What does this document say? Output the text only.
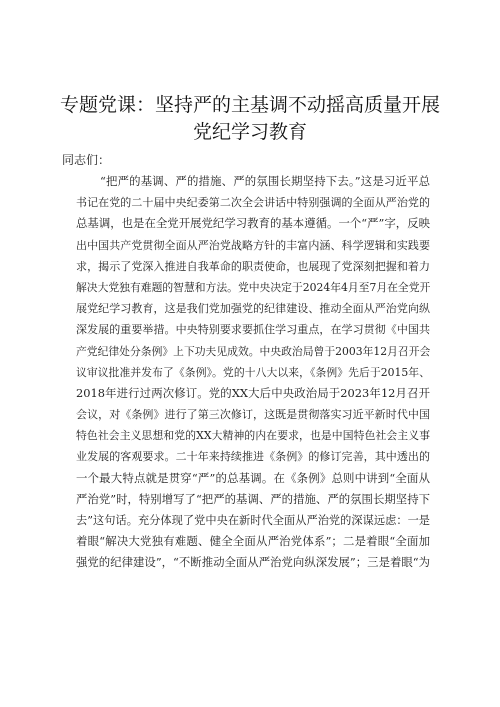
专题党课：坚持严的主基调不动摇高质量开展
党纪学习教育
同志们：
“把严的基调、严的措施、严的氛围长期坚持下去。”这是习近平总
书记在党的二十届中央纪委第二次全会讲话中特别强调的全面从严治党的
总基调，也是在全党开展党纪学习教育的基本遵循。一个“严”字，反映
出中国共产党贯彻全面从严治党战略方针的丰富内涵、科学逻辑和实践要
求，揭示了党深入推进自我革命的职责使命，也展现了党深刻把握和着力
解决大党独有难题的智慧和方法。党中央决定于2024年4月至7月在全党开
展党纪学习教育，这是我们党加强党的纪律建设、推动全面从严治党向纵
深发展的重要举措。中央特别要求要抓住学习重点，在学习贯彻《中国共
产党纪律处分条例》上下功夫见成效。中央政治局曾于2003年12月召开会
议审议批准并发布了《条例》。党的十八大以来，《条例》先后于2015年、
2018年进行过两次修订。党的XX大后中央政治局于2023年12月召开
会议，对《条例》进行了第三次修订，这既是贯彻落实习近平新时代中国
特色社会主义思想和党的XX大精神的内在要求，也是中国特色社会主义事
业发展的客观要求。二十年来持续推进《条例》的修订完善，其中透出的
一个最大特点就是贯穿“严”的总基调。在《条例》总则中讲到“全面从
严治党”时，特别增写了“把严的基调、严的措施、严的氛围长期坚持下
去”这句话。充分体现了党中央在新时代全面从严治党的深谋远虑：一是
着眼“解决大党独有难题、健全全面从严治党体系”；二是着眼“全面加
强党的纪律建设”，“不断推动全面从严治党向纵深发展”；三是着眼“为
